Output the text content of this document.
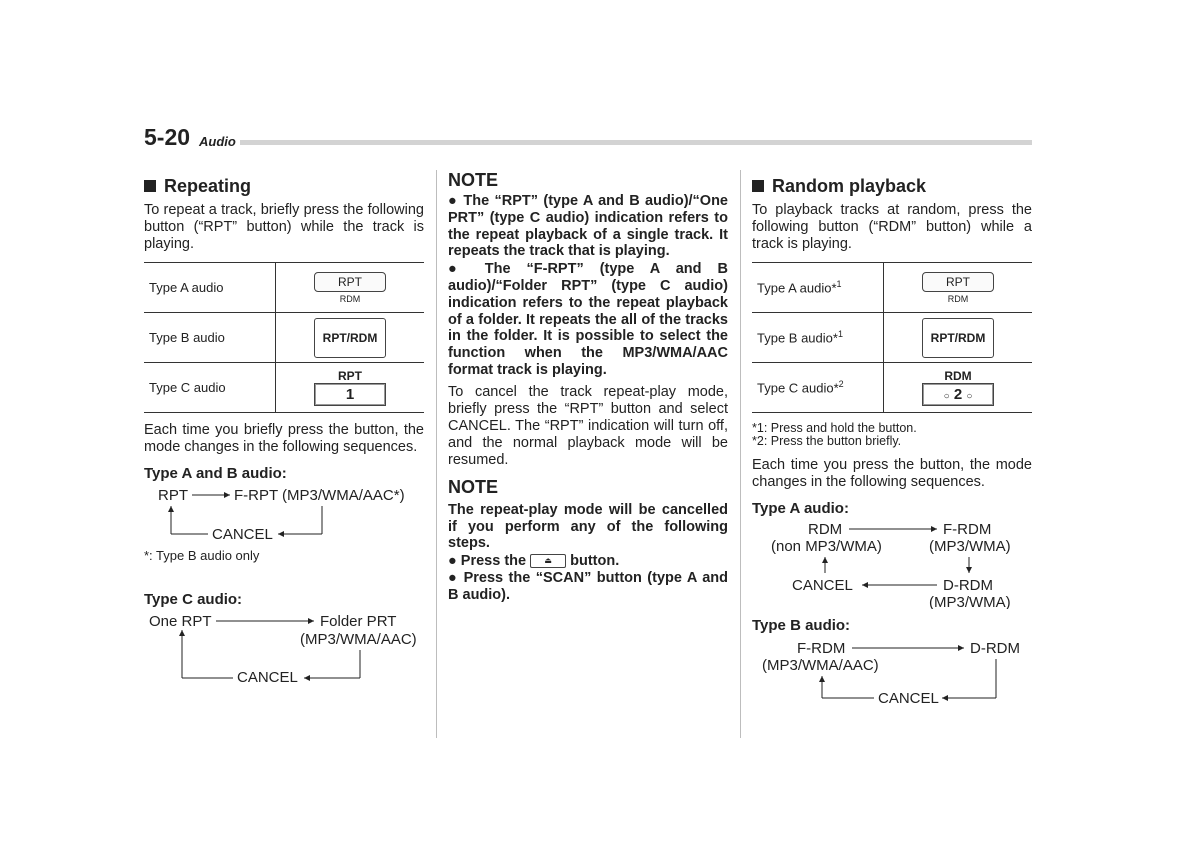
5-20 Audio
Repeating

To repeat a track, briefly press the following button (“RPT” button) while the track is playing.

Type A audio	RPT
RDM

Type B audio	RPT/RDM
Type C audio	RPT
1

Each time you briefly press the button, the mode changes in the following sequences.

Type A and B audio:
RPT	F-RPT (MP3/WMA/AAC*)
CANCEL
*: Type B audio only
Type C audio:
One RPT	Folder PRT
(MP3/WMA/AAC)
CANCEL
NOTE

● The “RPT” (type A and B audio)/“One PRT” (type C audio) indication refers to the repeat playback of a single track. It repeats the track that is playing.

● The “F-RPT” (type A and B audio)/“Folder RPT” (type C audio) indication refers to the repeat playback of a folder. It repeats the all of the tracks in the folder. It is possible to select the function when the MP3/WMA/AAC format track is playing.

To cancel the track repeat-play mode, briefly press the “RPT” button and select CANCEL. The “RPT” indication will turn off, and the normal playback mode will be resumed.

NOTE

The repeat-play mode will be cancelled if you perform any of the following steps.

● Press the ⏏ button.

● Press the “SCAN” button (type A and B audio).

Random playback

To playback tracks at random, press the following button (“RDM” button) while a track is playing.

Type A audio*$^1$	RPT
RDM

Type B audio*$^1$	RPT/RDM
Type C audio*$^2$	RDM
○ 2 ○
*1: Press and hold the button.
*2: Press the button briefly.

Each time you press the button, the mode changes in the following sequences.

Type A audio:
RDM
(non MP3/WMA)
F-RDM
(MP3/WMA)
D-RDM
(MP3/WMA)
CANCEL
Type B audio:
F-RDM
(MP3/WMA/AAC)
D-RDM
CANCEL
